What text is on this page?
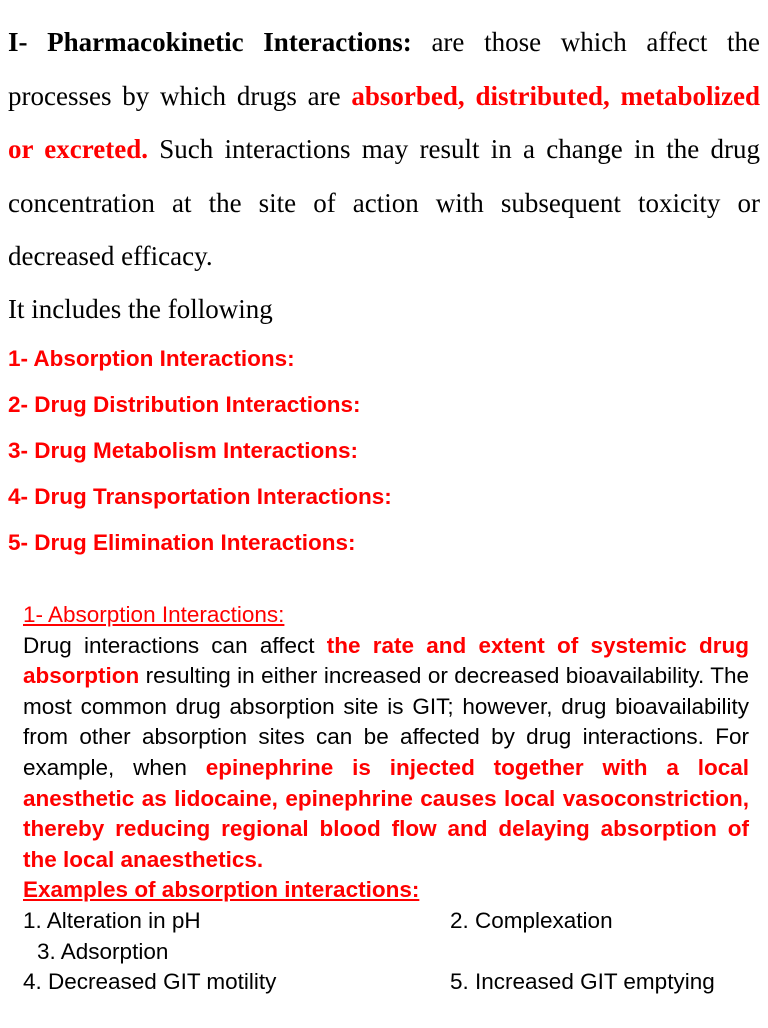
I- Pharmacokinetic Interactions: are those which affect the processes by which drugs are absorbed, distributed, metabolized or excreted. Such interactions may result in a change in the drug concentration at the site of action with subsequent toxicity or decreased efficacy.

It includes the following
1- Absorption Interactions:
2- Drug Distribution Interactions:
3- Drug Metabolism Interactions:
4- Drug Transportation Interactions:
5- Drug Elimination Interactions:

1- Absorption Interactions:

Drug interactions can affect the rate and extent of systemic drug absorption resulting in either increased or decreased bioavailability. The most common drug absorption site is GIT; however, drug bioavailability from other absorption sites can be affected by drug interactions. For example, when epinephrine is injected together with a local anesthetic as lidocaine, epinephrine causes local vasoconstriction, thereby reducing regional blood flow and delaying absorption of the local anaesthetics.

Examples of absorption interactions:

1. Alteration in pH	2. Complexation
3. Adsorption
4. Decreased GIT motility	5. Increased GIT emptying
